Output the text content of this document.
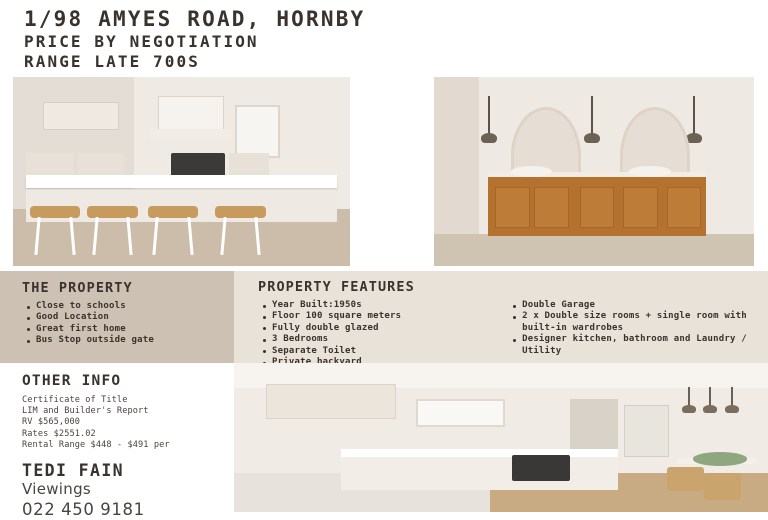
1/98 AMYES ROAD, HORNBY
PRICE BY NEGOTIATION
RANGE LATE 700S
THE PROPERTY
Close to schools
Good Location
Great first home
Bus Stop outside gate
PROPERTY FEATURES
Year Built:1950s
Floor 100 square meters
Fully double glazed
3 Bedrooms
Separate Toilet
Double Garage
2 x Double size rooms + single room with built-in wardrobes
Designer kitchen, bathroom and Laundry / Utility
OTHER INFO
Certificate of Title
LIM and Builder's Report
RV $565,000
Rates $2551.02
Rental Range $448 - $491 per
TEDI FAIN
Viewings
022 450 9181
